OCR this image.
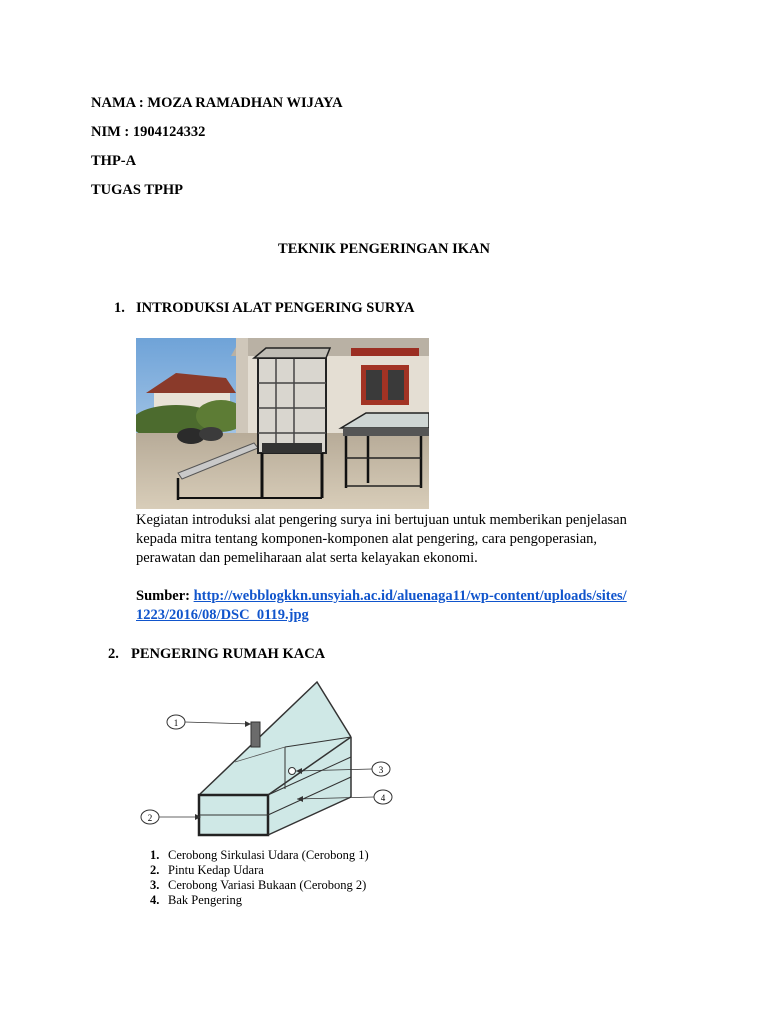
NAMA : MOZA RAMADHAN WIJAYA
NIM : 1904124332
THP-A
TUGAS TPHP
TEKNIK PENGERINGAN IKAN
1. INTRODUKSI ALAT PENGERING SURYA
Kegiatan introduksi alat pengering surya ini bertujuan untuk memberikan penjelasan
kepada mitra tentang komponen-komponen alat pengering, cara pengoperasian,
perawatan dan pemeliharaan alat serta kelayakan ekonomi.
Sumber: http://webblogkkn.unsyiah.ac.id/aluenaga11/wp-content/uploads/sites/
1223/2016/08/DSC_0119.jpg
2. PENGERING RUMAH KACA
1
2
3
4
1. Cerobong Sirkulasi Udara (Cerobong 1)
2. Pintu Kedap Udara
3. Cerobong Variasi Bukaan (Cerobong 2)
4. Bak Pengering
